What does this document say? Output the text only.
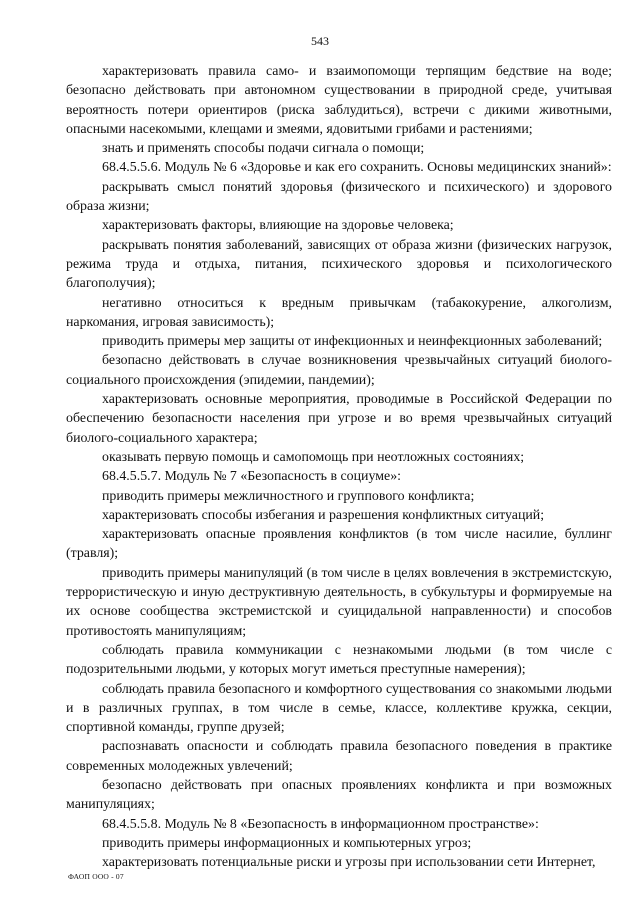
543

характеризовать правила само- и взаимопомощи терпящим бедствие на воде; безопасно действовать при автономном существовании в природной среде, учитывая вероятность потери ориентиров (риска заблудиться), встречи с дикими животными, опасными насекомыми, клещами и змеями, ядовитыми грибами и растениями;

знать и применять способы подачи сигнала о помощи;

68.4.5.5.6. Модуль № 6 «Здоровье и как его сохранить. Основы медицинских знаний»:

раскрывать смысл понятий здоровья (физического и психического) и здорового образа жизни;

характеризовать факторы, влияющие на здоровье человека;

раскрывать понятия заболеваний, зависящих от образа жизни (физических нагрузок, режима труда и отдыха, питания, психического здоровья и психологического благополучия);

негативно относиться к вредным привычкам (табакокурение, алкоголизм, наркомания, игровая зависимость);

приводить примеры мер защиты от инфекционных и неинфекционных заболеваний;

безопасно действовать в случае возникновения чрезвычайных ситуаций биолого-социального происхождения (эпидемии, пандемии);

характеризовать основные мероприятия, проводимые в Российской Федерации по обеспечению безопасности населения при угрозе и во время чрезвычайных ситуаций биолого-социального характера;

оказывать первую помощь и самопомощь при неотложных состояниях;

68.4.5.5.7. Модуль № 7 «Безопасность в социуме»:

приводить примеры межличностного и группового конфликта;

характеризовать способы избегания и разрешения конфликтных ситуаций;

характеризовать опасные проявления конфликтов (в том числе насилие, буллинг (травля);

приводить примеры манипуляций (в том числе в целях вовлечения в экстремистскую, террористическую и иную деструктивную деятельность, в субкультуры и формируемые на их основе сообщества экстремистской и суицидальной направленности) и способов противостоять манипуляциям;

соблюдать правила коммуникации с незнакомыми людьми (в том числе с подозрительными людьми, у которых могут иметься преступные намерения);

соблюдать правила безопасного и комфортного существования со знакомыми людьми и в различных группах, в том числе в семье, классе, коллективе кружка, секции, спортивной команды, группе друзей;

распознавать опасности и соблюдать правила безопасного поведения в практике современных молодежных увлечений;

безопасно действовать при опасных проявлениях конфликта и при возможных манипуляциях;

68.4.5.5.8. Модуль № 8 «Безопасность в информационном пространстве»:

приводить примеры информационных и компьютерных угроз;

характеризовать потенциальные риски и угрозы при использовании сети Интернет,

ФАОП ООО - 07
